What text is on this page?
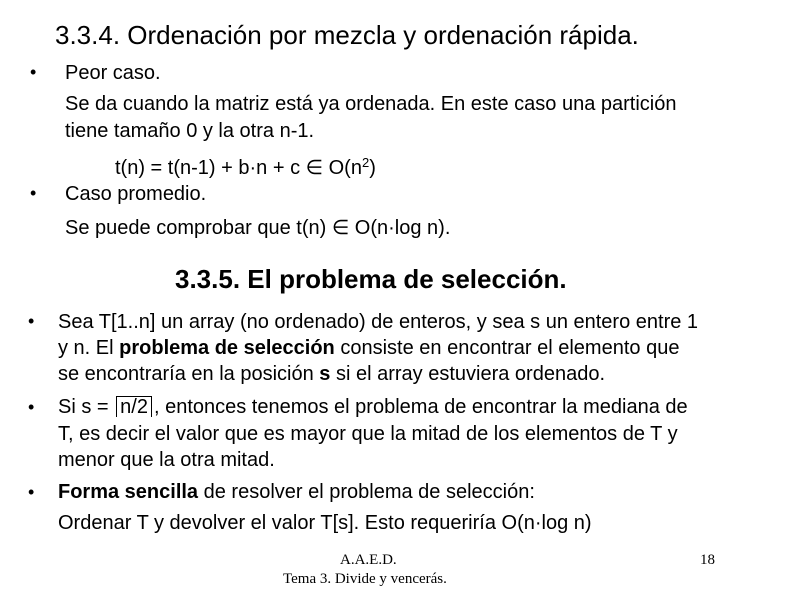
3.3.4. Ordenación por mezcla y ordenación rápida.
• Peor caso.
Se da cuando la matriz está ya ordenada. En este caso una partición
tiene tamaño 0 y la otra n-1.
t(n) = t(n-1) + b·n + c ∈ $O(n^2)$
• Caso promedio.
Se puede comprobar que t(n) ∈ O(n·log n).
3.3.5. El problema de selección.
• Sea T[1..n] un array (no ordenado) de enteros, y sea s un entero entre 1
y n. El problema de selección consiste en encontrar el elemento que
se encontraría en la posición s si el array estuviera ordenado.
• Si s = n/2 , entonces tenemos el problema de encontrar la mediana de
T, es decir el valor que es mayor que la mitad de los elementos de T y
menor que la otra mitad.
• Forma sencilla de resolver el problema de selección:
Ordenar T y devolver el valor T[s]. Esto requeriría O(n·log n)
A.A.E.D.
Tema 3. Divide y vencerás.
18
